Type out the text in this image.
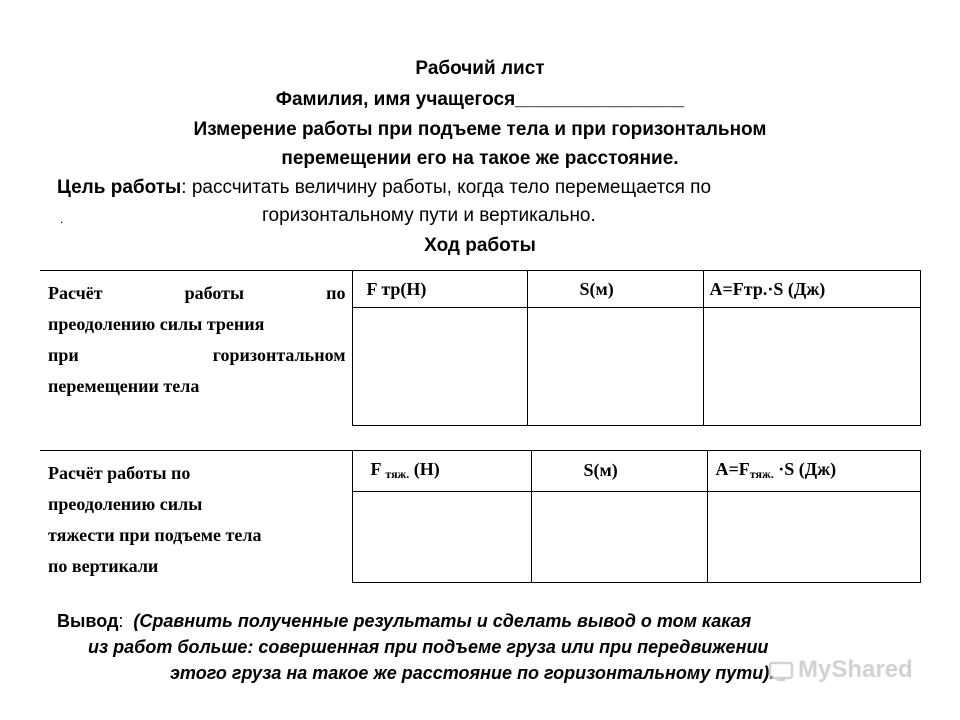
Рабочий лист
Фамилия, имя учащегося________________
Измерение работы при подъеме тела и при горизонтальном
перемещении его на такое же расстояние.
Цель работы: рассчитать величину работы, когда тело перемещается по
.	горизонтальному пути и вертикально.
Ход работы
Расчёт работы по
преодолению силы трения
при горизонтальном
перемещении тела	F тр(Н)	S(м)	А=Fтр.·S (Дж)

Расчёт работы по
преодолению силы
тяжести при подъеме тела
по вертикали	F тяж. (Н)	S(м)	А=Fтяж. ·S (Дж)

Вывод: (Сравнить полученные результаты и сделать вывод о том какая
из работ больше: совершенная при подъеме груза или при передвижении
этого груза на такое же расстояние по горизонтальному пути). MyShared
